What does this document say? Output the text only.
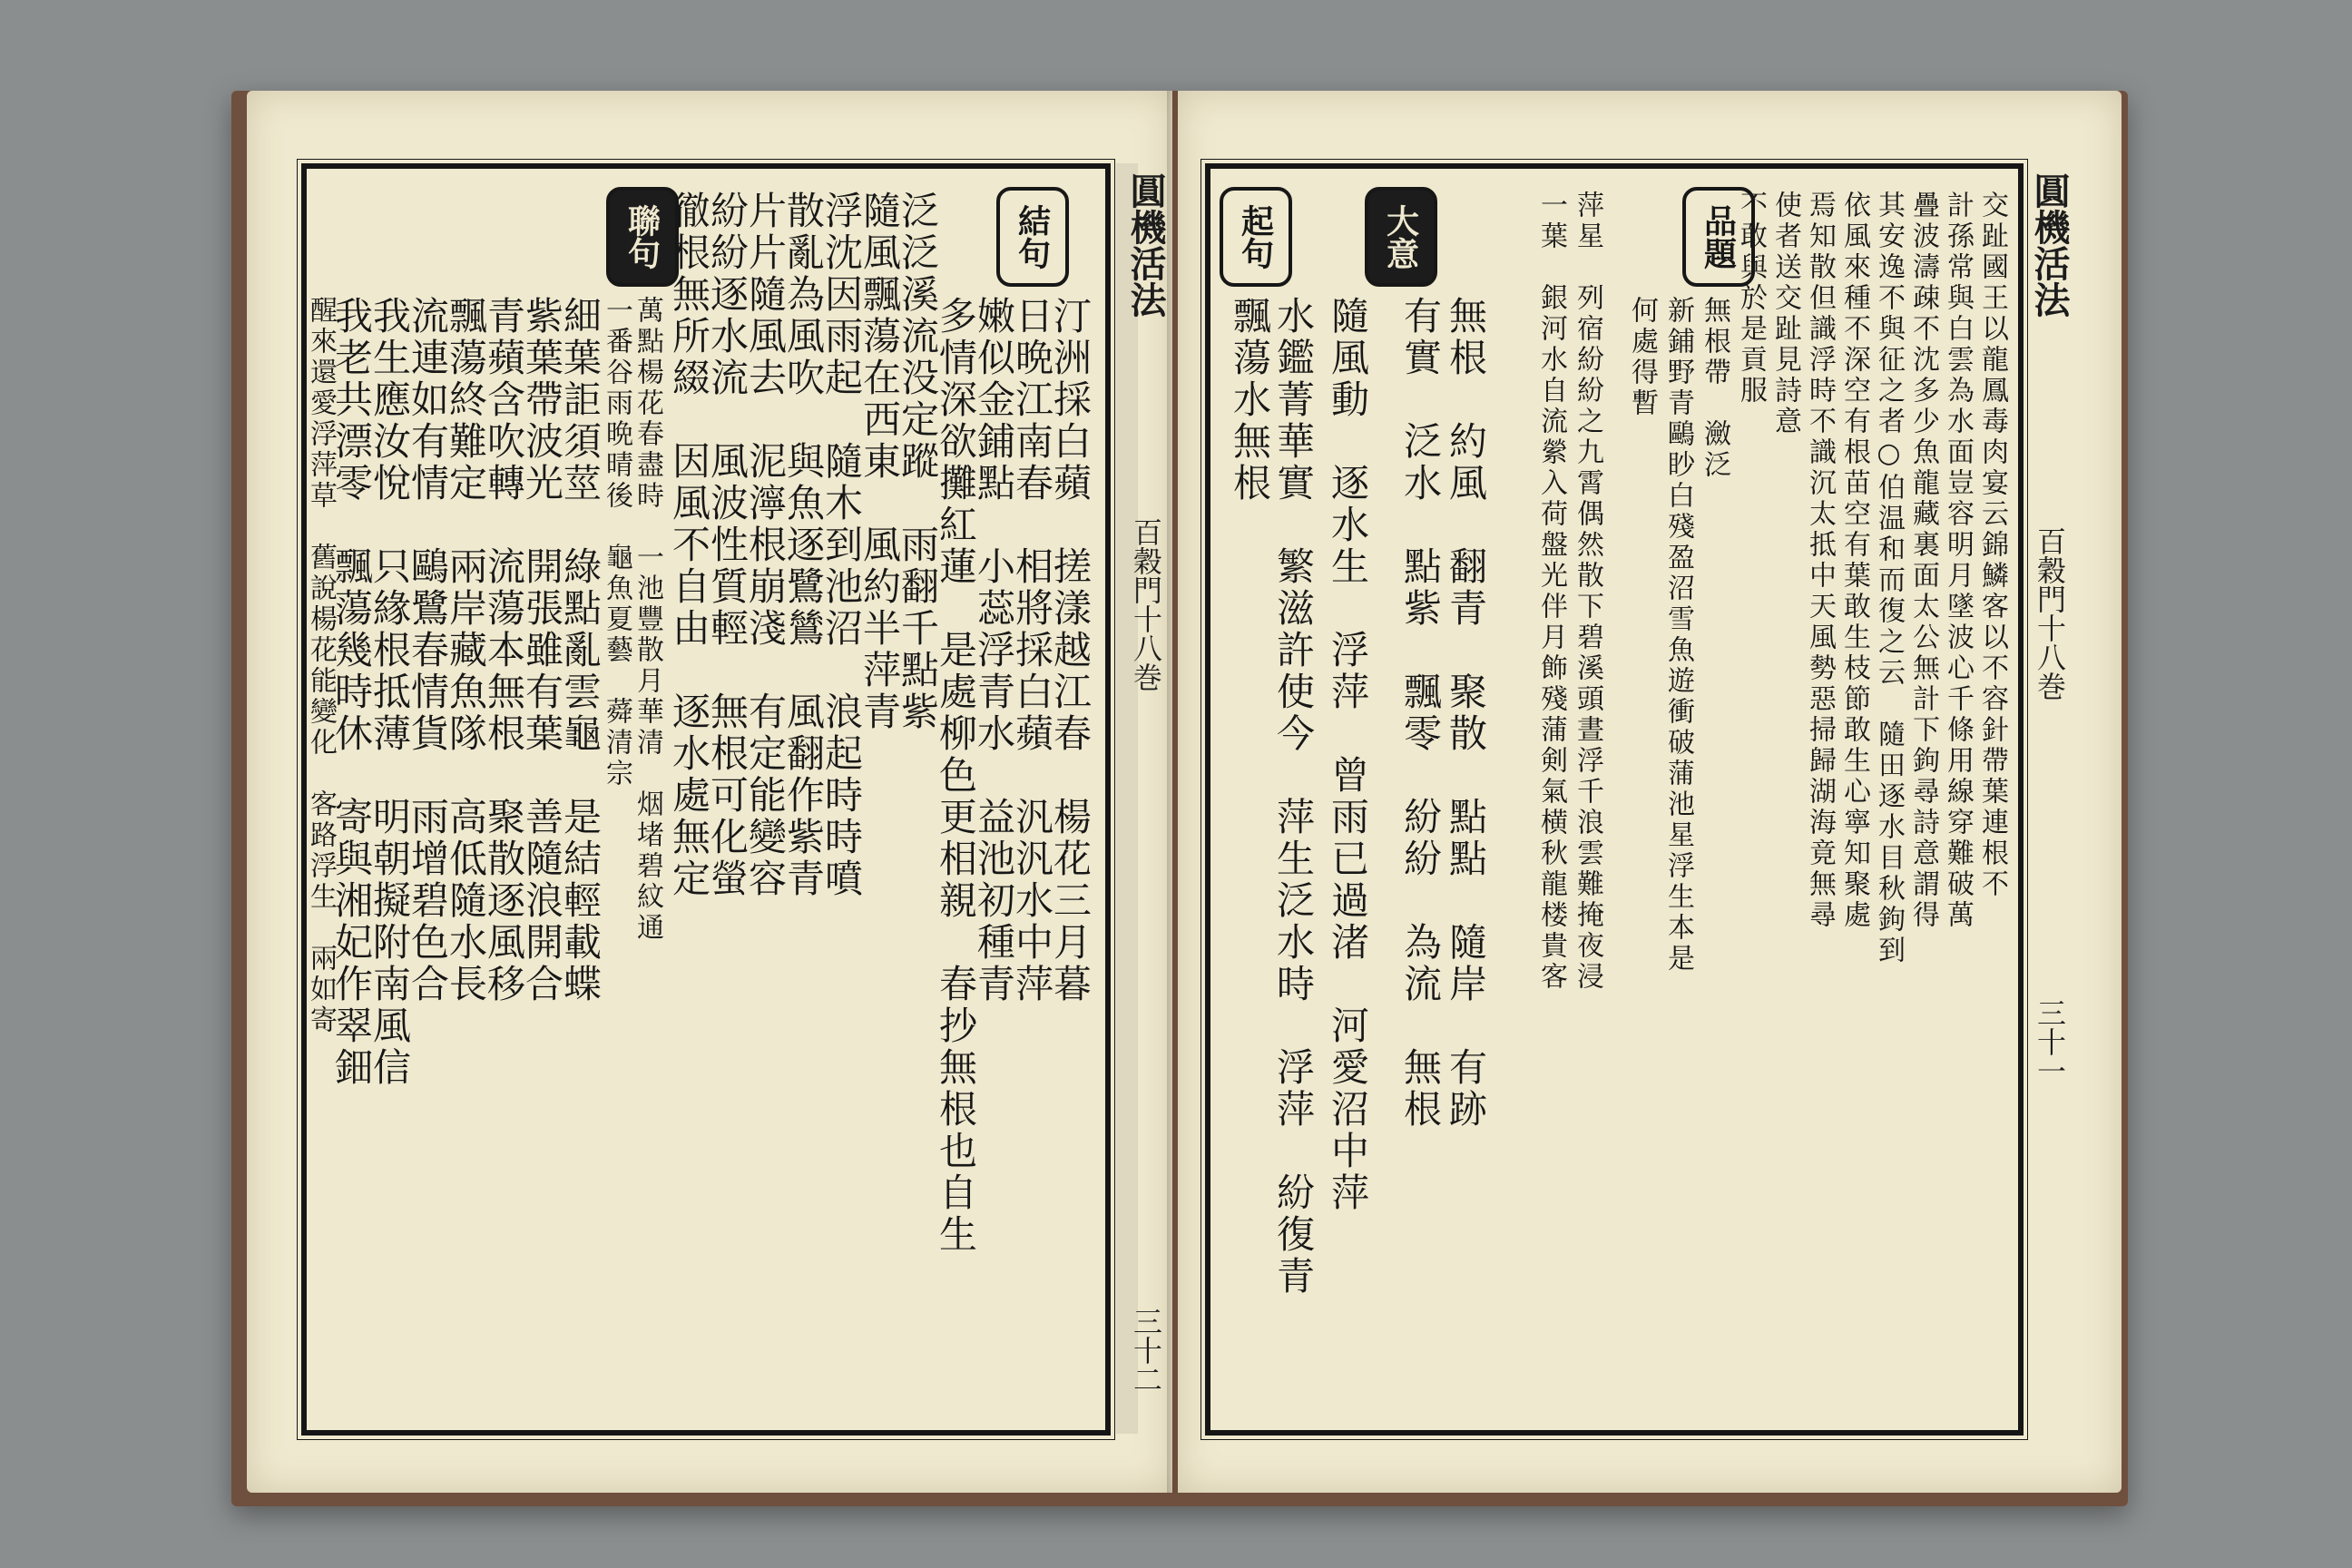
結句
聯句
汀洲採白蘋　搓漾越江春　楊花三月暮
日晩江南春　相將採白蘋　汎汎水中萍
嫩似金鋪點　小蕊浮青水　益池初種青
多情深欲攤紅蓮　是處柳色更相親　春抄無根也自生
泛泛溪流没定蹤　雨翻千點紫
隨風飄蕩在西東　風約半萍青
浮沈因雨起　隨木到池沼　浪起時時噴
散亂為風吹　與魚逐鷺鷥　風翻作紫青
片片隨風去　泥濘根崩淺　有定能變容
紛紛逐水流　風波性質輕　無根可化螢
徹根無所綴　因風不自由　逐水處無定
細葉詎須莖　綠點亂雲龜　是結輕載蝶
紫葉帶波光　開張雖有葉　善隨浪開合
青蘋含吹轉　流蕩本無根　聚散逐風移
飄蕩終難定　兩岸藏魚隊　高低隨水長
流連如有情　鷗鷺春情貨　雨增碧色合	萬點楊花春盡時　一池豐散月華清　烟堵碧紋通
一番谷雨晩晴後　龜魚夏藝　蕣清宗
我生應汝悅　只緣根抵薄　明朝擬附南風信
我老共漂零　飄蕩幾時休　寄與湘妃作翠鈿
醒來還愛浮萍草　舊說楊花能變化　客路浮生　兩如寄
圓機活法
百穀門十八巻
三十二
品題
大意
起句	交趾國王以龍鳳毒肉宴云錦鱗客以不容針帶葉連根不
計孫常與白雲為水面豈容明月墜波心千條用線穿難破萬
疊波濤疎不沈多少魚龍藏裏面太公無計下鉤尋詩意謂得
其安逸不與征之者○伯温和而復之云　隨田逐水目秋鉤到
依風來種不深空有根苗空有葉敢生枝節敢生心寧知聚處
焉知散但識浮時不識沉太抵中天風勢惡掃歸湖海竟無尋
使者送交趾見詩意
不敢與於是貢服
無根帶　瀲泛
新鋪野青鷗眇白殘盈沼雪魚遊衝破蒲池星浮生本是
何處得暫
萍星　列宿紛紛之九霄偶然散下碧溪頭晝浮千浪雲難掩夜浸
一葉　銀河水自流縈入荷盤光伴月飾殘蒲剣氣横秋龍楼貴客
無根　約風　翻青　聚散　點點　隨岸　有跡
有實　泛水　點紫　飄零　紛紛　為流　無根
隨風動　逐水生　浮萍　曾雨已過渚　河愛沼中萍
水鑑菁華實　繁滋許使今　萍生泛水時　浮萍　紛復青
飄蕩水無根
圓機活法
百穀門十八巻
三十一
